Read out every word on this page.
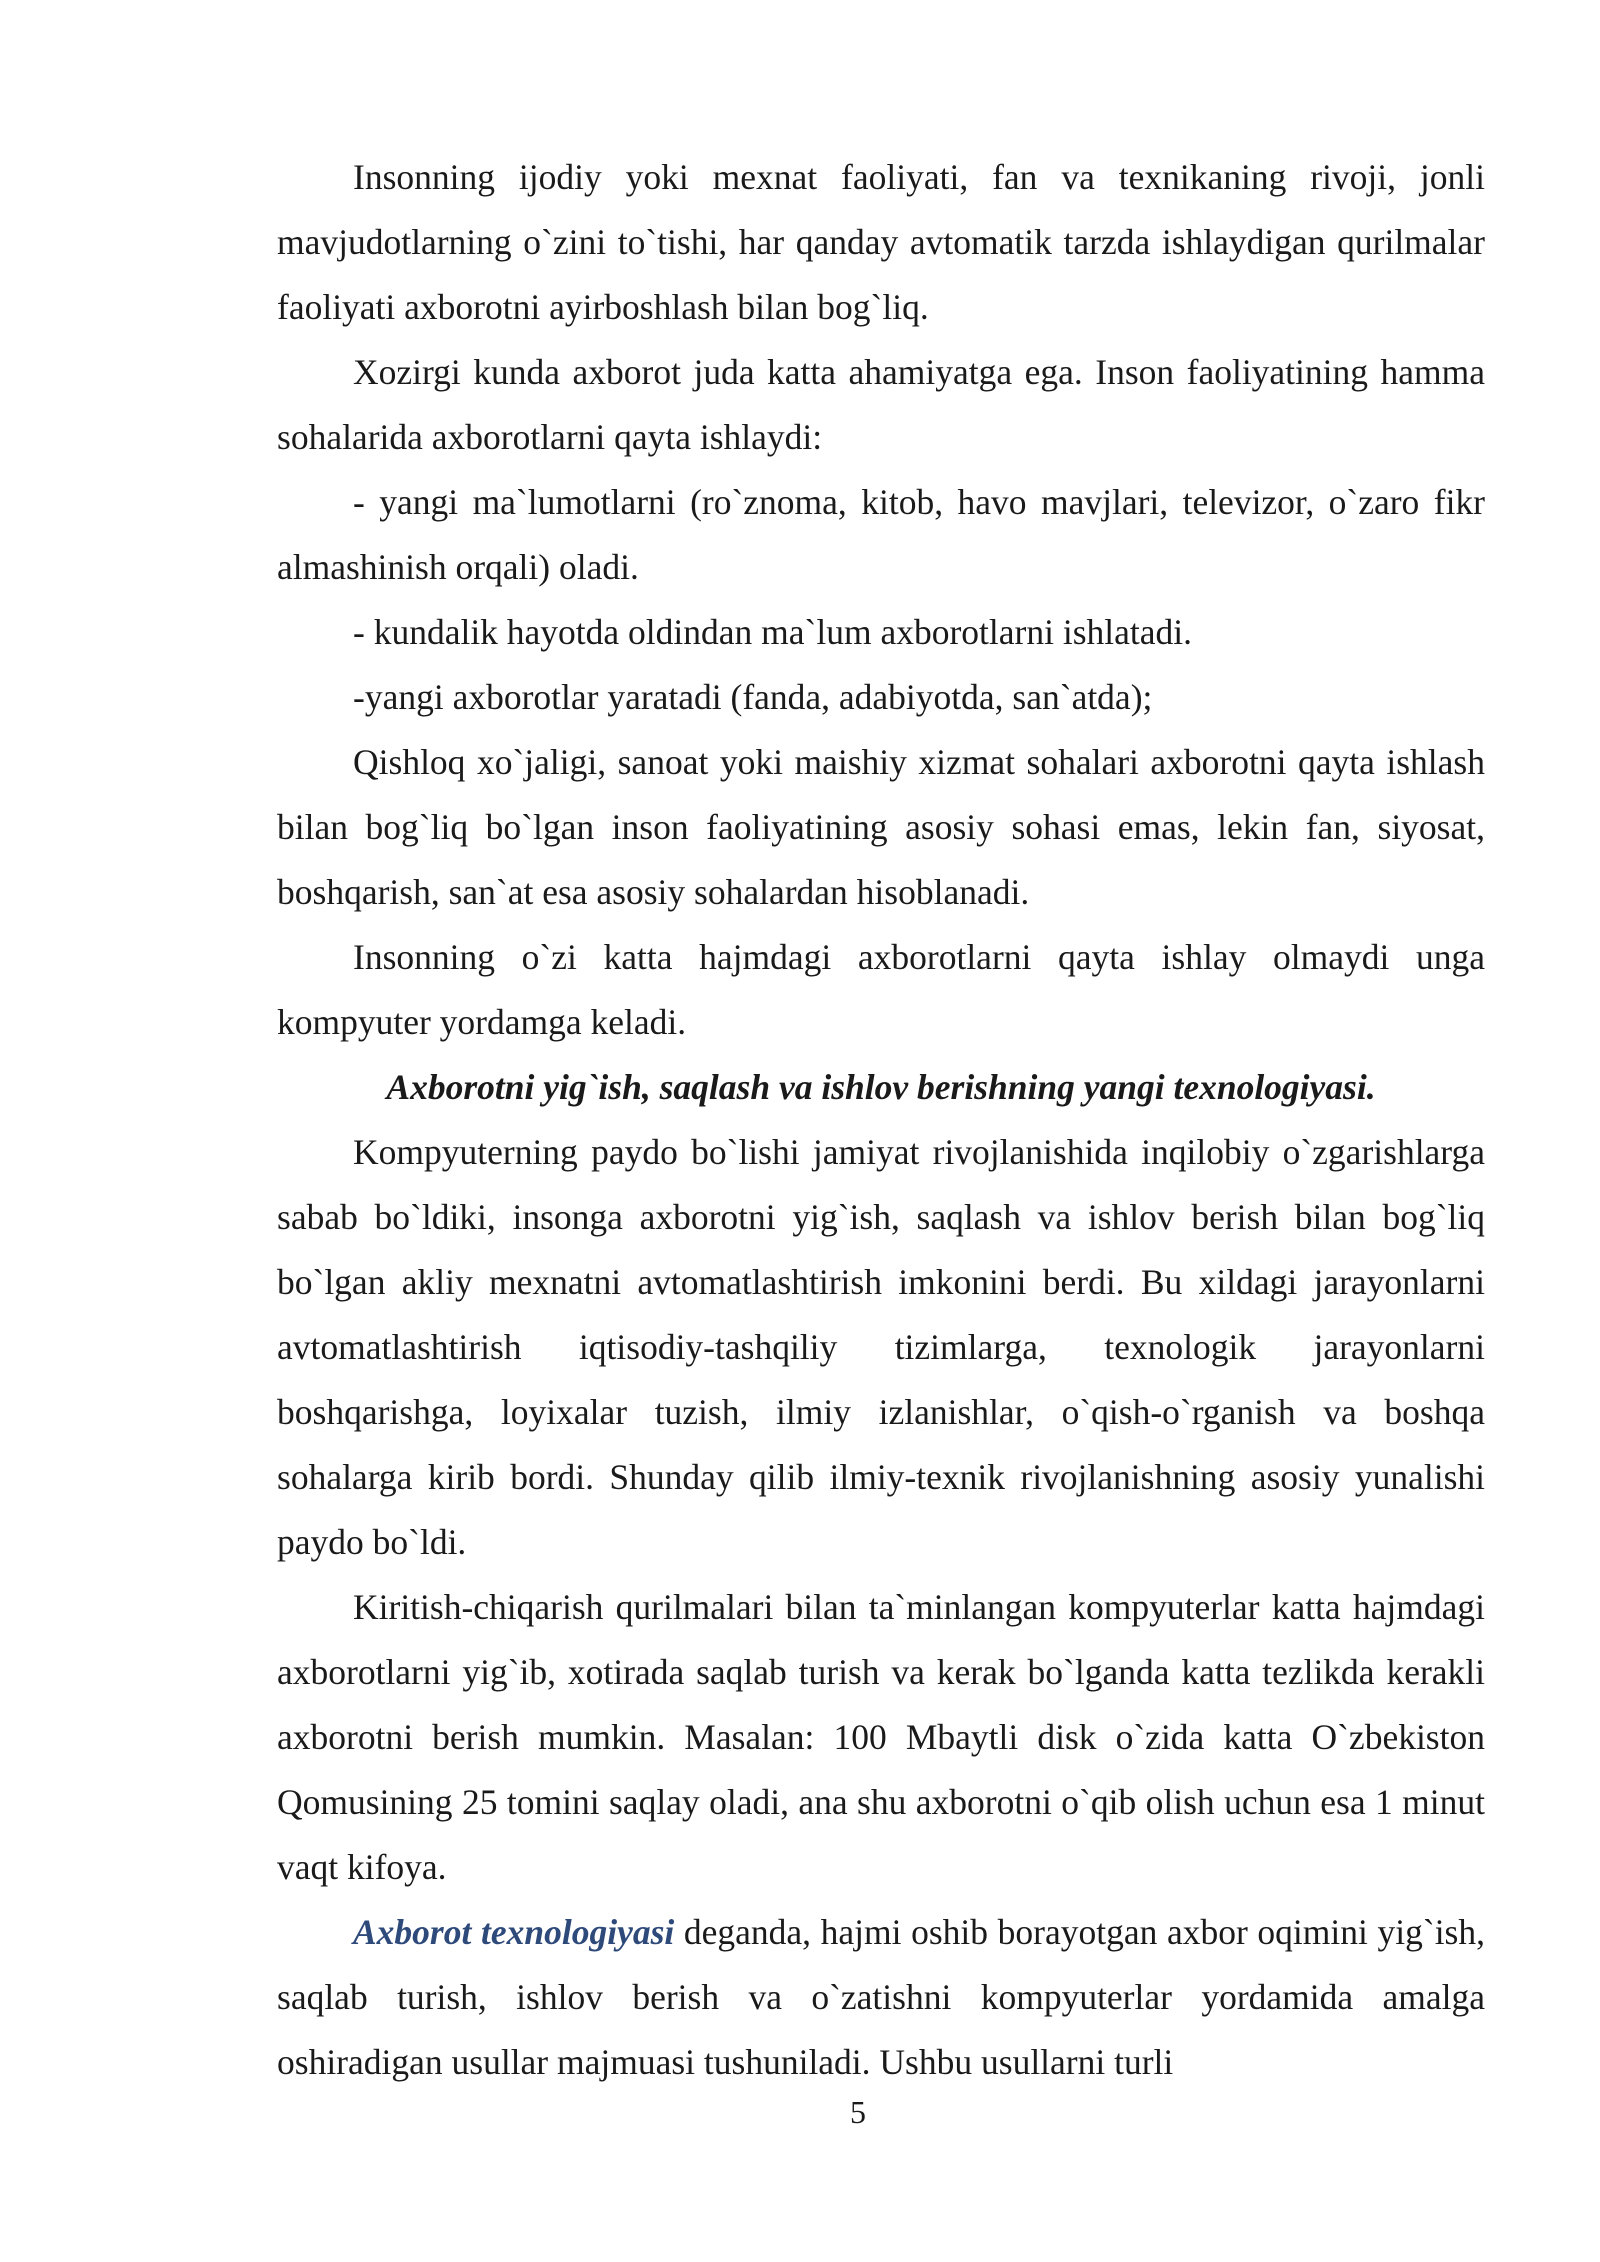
Insonning ijodiy yoki mexnat faoliyati, fan va texnikaning rivoji, jonli mavjudotlarning o`zini to`tishi, har qanday avtomatik tarzda ishlaydigan qurilmalar faoliyati axborotni ayirboshlash bilan bog`liq.

Xozirgi kunda axborot juda katta ahamiyatga ega. Inson faoliyatining hamma sohalarida axborotlarni qayta ishlaydi:

- yangi ma`lumotlarni (ro`znoma, kitob, havo mavjlari, televizor, o`zaro fikr almashinish orqali) oladi.

- kundalik hayotda oldindan ma`lum axborotlarni ishlatadi.

-yangi axborotlar yaratadi (fanda, adabiyotda, san`atda);

Qishloq xo`jaligi, sanoat yoki maishiy xizmat sohalari axborotni qayta ishlash bilan bog`liq bo`lgan inson faoliyatining asosiy sohasi emas, lekin fan, siyosat, boshqarish, san`at esa asosiy sohalardan hisoblanadi.

Insonning o`zi katta hajmdagi axborotlarni qayta ishlay olmaydi unga kompyuter yordamga keladi.

Axborotni yig`ish, saqlash va ishlov berishning yangi texnologiyasi.

Kompyuterning paydo bo`lishi jamiyat rivojlanishida inqilobiy o`zgarishlarga sabab bo`ldiki, insonga axborotni yig`ish, saqlash va ishlov berish bilan bog`liq bo`lgan akliy mexnatni avtomatlashtirish imkonini berdi. Bu xildagi jarayonlarni avtomatlashtirish iqtisodiy-tashqiliy tizimlarga, texnologik jarayonlarni boshqarishga, loyixalar tuzish, ilmiy izlanishlar, o`qish-o`rganish va boshqa sohalarga kirib bordi. Shunday qilib ilmiy-texnik rivojlanishning asosiy yunalishi paydo bo`ldi.

Kiritish-chiqarish qurilmalari bilan ta`minlangan kompyuterlar katta hajmdagi axborotlarni yig`ib, xotirada saqlab turish va kerak bo`lganda katta tezlikda kerakli axborotni berish mumkin. Masalan: 100 Mbaytli disk o`zida katta O`zbekiston Qomusining 25 tomini saqlay oladi, ana shu axborotni o`qib olish uchun esa 1 minut vaqt kifoya.

Axborot texnologiyasi deganda, hajmi oshib borayotgan axbor oqimini yig`ish, saqlab turish, ishlov berish va o`zatishni kompyuterlar yordamida amalga oshiradigan usullar majmuasi tushuniladi. Ushbu usullarni turli

5
